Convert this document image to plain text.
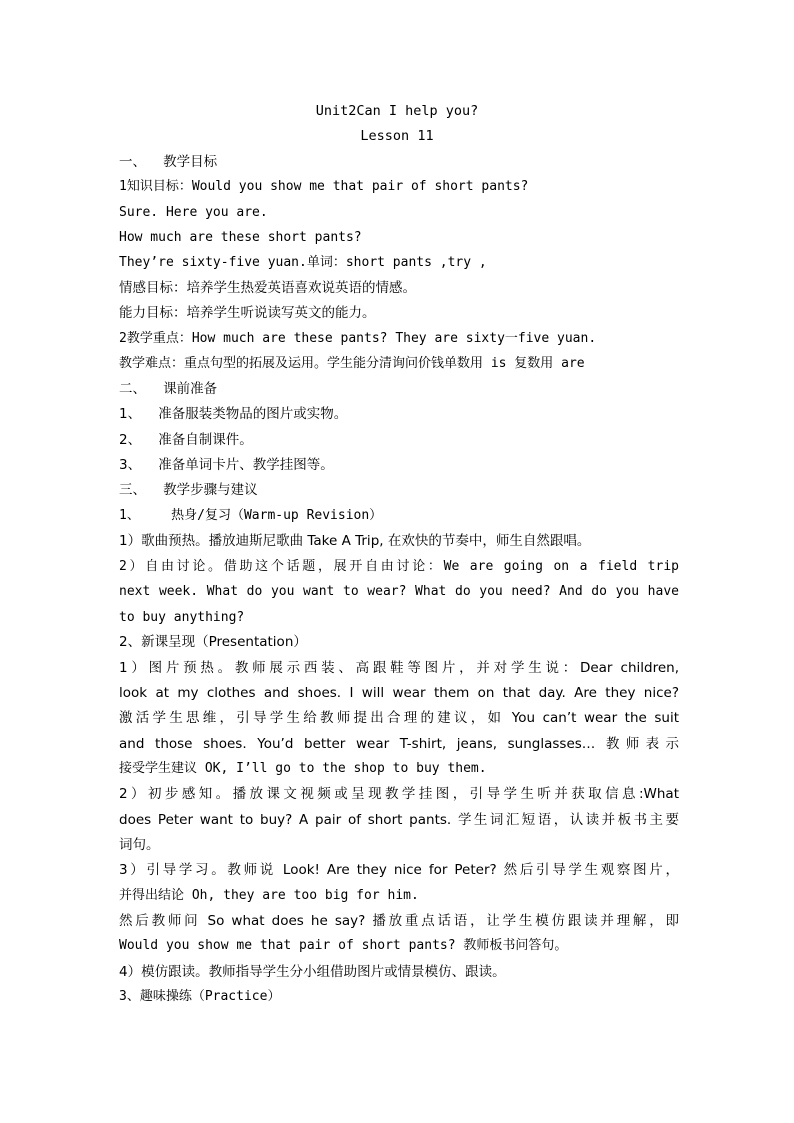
Unit2Can I help you?
Lesson 11
一、    教学目标
1知识目标：Would you show me that pair of short pants?
Sure. Here you are.
How much are these short pants?
They’re sixty-five yuan.单词：short pants ,try ,
情感目标：培养学生热爱英语喜欢说英语的情感。
能力目标：培养学生听说读写英文的能力。
2教学重点：How much are these pants? They are sixty一five yuan.
教学难点：重点句型的拓展及运用。学生能分清询问价钱单数用 is 复数用 are
二、    课前准备
1、    准备服装类物品的图片或实物。
2、    准备自制课件。
3、    准备单词卡片、教学挂图等。
三、    教学步骤与建议
1、    热身/复习（Warm-up Revision）
1）歌曲预热。播放迪斯尼歌曲 Take A Trip, 在欢快的节奏中，师生自然跟唱。
2）自由讨论。借助这个话题，展开自由讨论：We are going on a field trip
next week. What do you want to wear? What do you need? And do you have
to buy anything?
2、新课呈现（Presentation）
1）图片预热。教师展示西装、高跟鞋等图片，并对学生说：Dear children,
look at my clothes and shoes. I will wear them on that day. Are they nice?
激活学生思维，引导学生给教师提出合理的建议，如 You can’t wear the suit
and those shoes. You’d better wear T-shirt, jeans, sunglasses… 教师表示
接受学生建议 OK, I’ll go to the shop to buy them.
2）初步感知。播放课文视频或呈现教学挂图，引导学生听并获取信息:What
does Peter want to buy? A pair of short pants. 学生词汇短语，认读并板书主要
词句。
3）引导学习。教师说 Look! Are they nice for Peter? 然后引导学生观察图片，
并得出结论 Oh, they are too big for him.
然后教师问 So what does he say? 播放重点话语，让学生模仿跟读并理解，即
Would you show me that pair of short pants? 教师板书问答句。
4）模仿跟读。教师指导学生分小组借助图片或情景模仿、跟读。
3、趣味操练（Practice）
